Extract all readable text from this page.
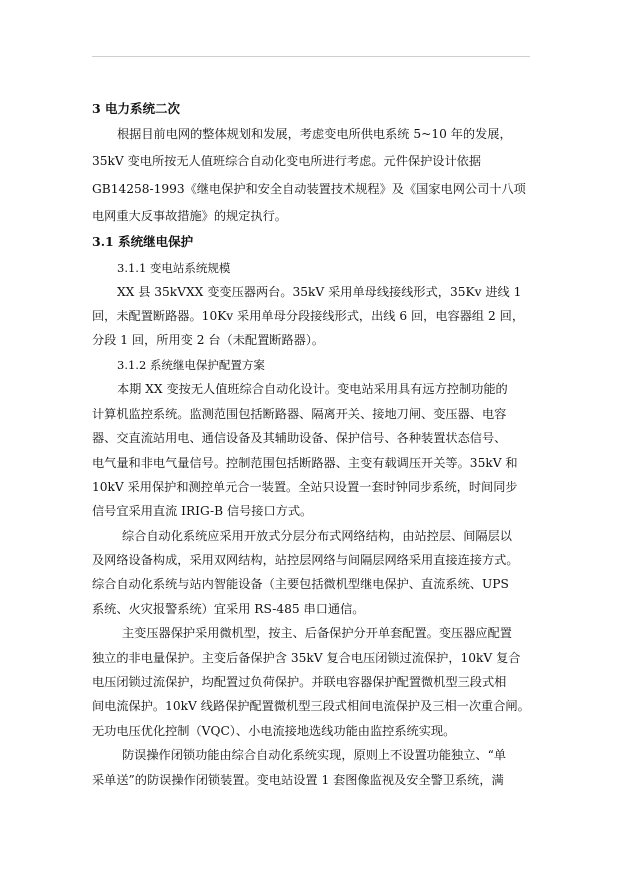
3 电力系统二次
根据目前电网的整体规划和发展，考虑变电所供电系统 5~10 年的发展，
35kV 变电所按无人值班综合自动化变电所进行考虑。元件保护设计依据
GB14258-1993《继电保护和安全自动装置技术规程》及《国家电网公司十八项
电网重大反事故措施》的规定执行。
3.1 系统继电保护
3.1.1 变电站系统规模
XX 县 35kVXX 变变压器两台。35kV 采用单母线接线形式，35Kv 进线 1
回，未配置断路器。10Kv 采用单母分段接线形式，出线 6 回，电容器组 2 回，
分段 1 回，所用变 2 台（未配置断路器）。
3.1.2 系统继电保护配置方案
本期 XX 变按无人值班综合自动化设计。变电站采用具有远方控制功能的
计算机监控系统。监测范围包括断路器、隔离开关、接地刀闸、变压器、电容
器、交直流站用电、通信设备及其辅助设备、保护信号、各种装置状态信号、
电气量和非电气量信号。控制范围包括断路器、主变有载调压开关等。35kV 和
10kV 采用保护和测控单元合一装置。全站只设置一套时钟同步系统，时间同步
信号宜采用直流 IRIG-B 信号接口方式。
综合自动化系统应采用开放式分层分布式网络结构，由站控层、间隔层以
及网络设备构成，采用双网结构，站控层网络与间隔层网络采用直接连接方式。
综合自动化系统与站内智能设备（主要包括微机型继电保护、直流系统、UPS
系统、火灾报警系统）宜采用 RS-485 串口通信。
主变压器保护采用微机型，按主、后备保护分开单套配置。变压器应配置
独立的非电量保护。主变后备保护含 35kV 复合电压闭锁过流保护，10kV 复合
电压闭锁过流保护，均配置过负荷保护。并联电容器保护配置微机型三段式相
间电流保护。10kV 线路保护配置微机型三段式相间电流保护及三相一次重合闸。
无功电压优化控制（VQC）、小电流接地选线功能由监控系统实现。
防误操作闭锁功能由综合自动化系统实现，原则上不设置功能独立、“单
采单送”的防误操作闭锁装置。变电站设置 1 套图像监视及安全警卫系统，满
